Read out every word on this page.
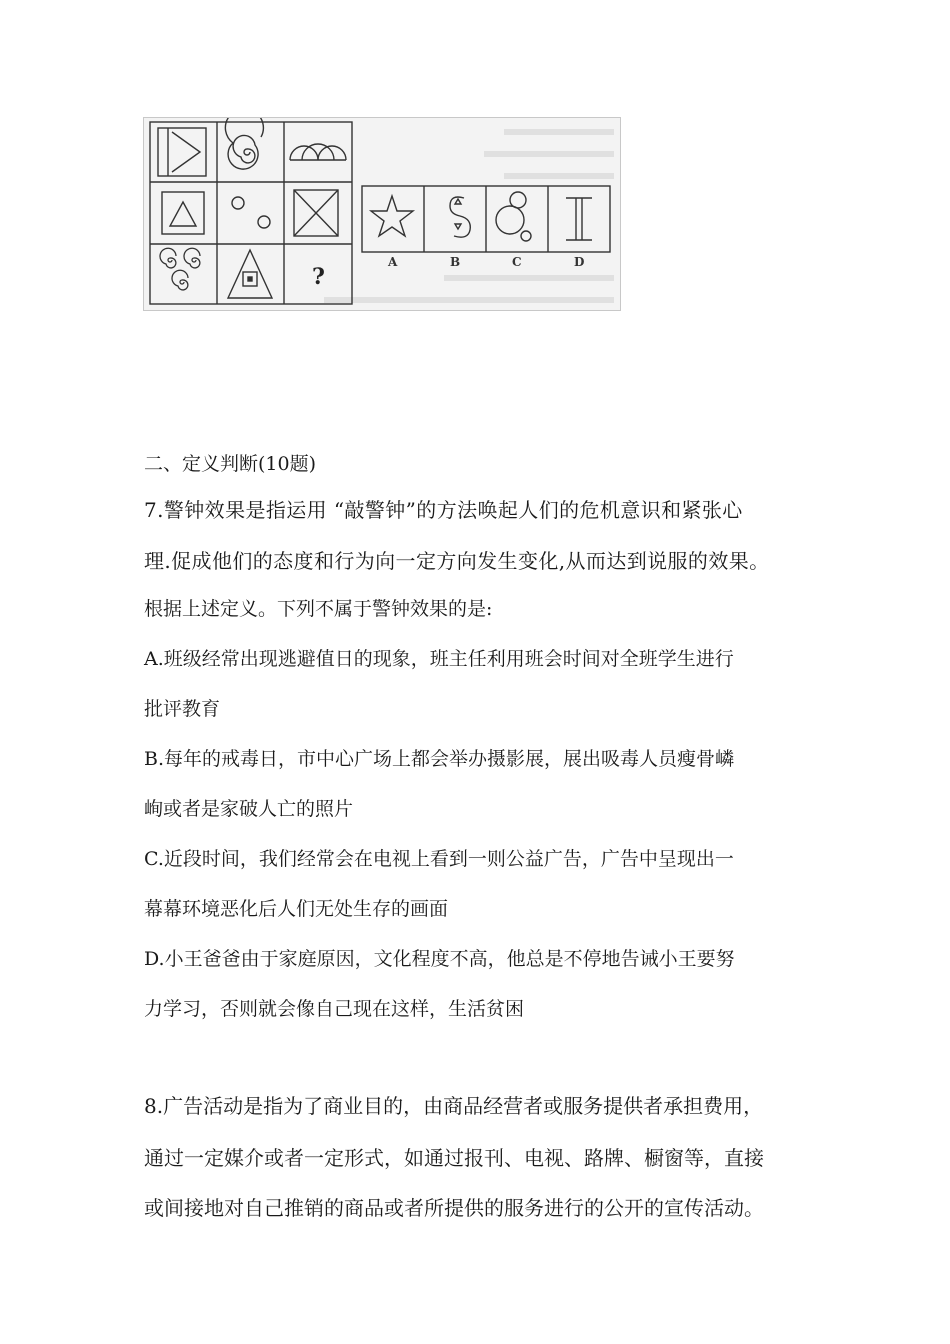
?
A	B	C	D
二、定义判断(10题)
7.警钟效果是指运用 “敲警钟”的方法唤起人们的危机意识和紧张心
理.促成他们的态度和行为向一定方向发生变化,从而达到说服的效果。
根据上述定义。下列不属于警钟效果的是:
A.班级经常出现逃避值日的现象，班主任利用班会时间对全班学生进行
批评教育
B.每年的戒毒日，市中心广场上都会举办摄影展，展出吸毒人员瘦骨嶙
峋或者是家破人亡的照片
C.近段时间，我们经常会在电视上看到一则公益广告，广告中呈现出一
幕幕环境恶化后人们无处生存的画面
D.小王爸爸由于家庭原因，文化程度不高，他总是不停地告诫小王要努
力学习，否则就会像自己现在这样，生活贫困
8.广告活动是指为了商业目的，由商品经营者或服务提供者承担费用，
通过一定媒介或者一定形式，如通过报刊、电视、路牌、橱窗等，直接
或间接地对自己推销的商品或者所提供的服务进行的公开的宣传活动。
